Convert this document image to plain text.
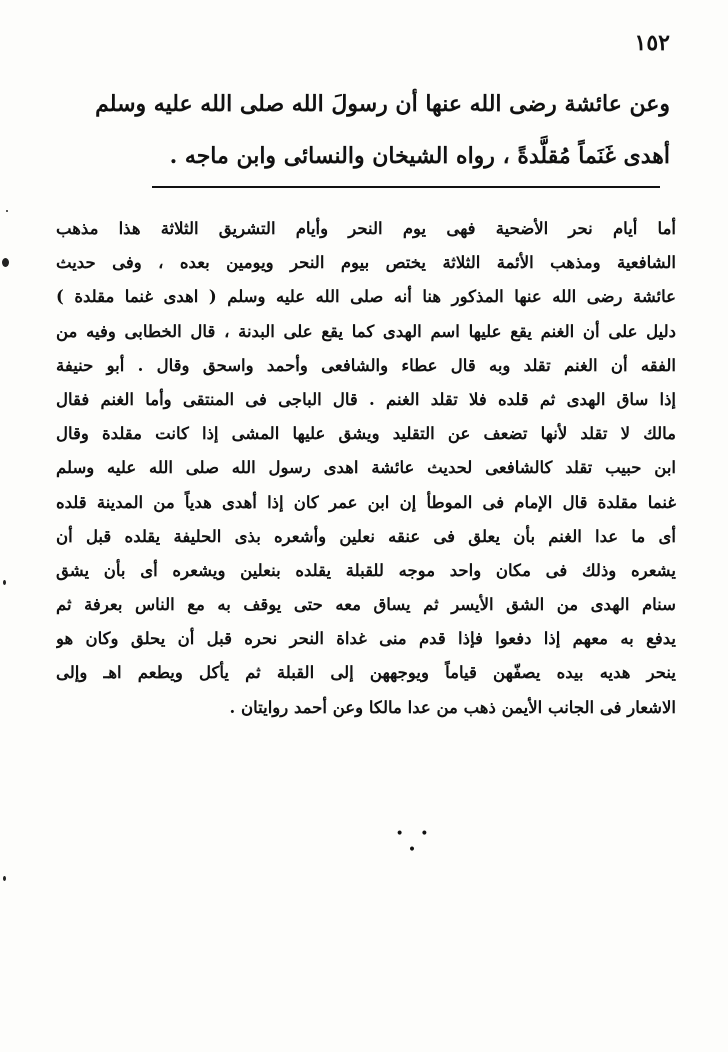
١٥٢
وعن عائشة رضى الله عنها أن رسولَ الله صلى الله عليه وسلم
أهدى غَنَماً مُقلَّدةً ، رواه الشيخان والنسائى وابن ماجه .
أما أيام نحر الأضحية فهى يوم النحر وأيام التشريق الثلاثة هذا مذهب
الشافعية ومذهب الأئمة الثلاثة يختص بيوم النحر ويومين بعده ، وفى حديث
عائشة رضى الله عنها المذكور هنا أنه صلى الله عليه وسلم ( اهدى غنما مقلدة )
دليل على أن الغنم يقع عليها اسم الهدى كما يقع على البدنة ، قال الخطابى وفيه من
الفقه أن الغنم تقلد وبه قال عطاء والشافعى وأحمد واسحق وقال . أبو حنيفة
إذا ساق الهدى ثم قلده فلا تقلد الغنم . قال الباجى فى المنتقى وأما الغنم فقال
مالك لا تقلد لأنها تضعف عن التقليد ويشق عليها المشى إذا كانت مقلدة وقال
ابن حبيب تقلد كالشافعى لحديث عائشة اهدى رسول الله صلى الله عليه وسلم
غنما مقلدة قال الإمام فى الموطأ إن ابن عمر كان إذا أهدى هدياً من المدينة قلده
أى ما عدا الغنم بأن يعلق فى عنقه نعلين وأشعره بذى الحليفة يقلده قبل أن
يشعره وذلك فى مكان واحد موجه للقبلة يقلده بنعلين ويشعره أى بأن يشق
سنام الهدى من الشق الأيسر ثم يساق معه حتى يوقف به مع الناس بعرفة ثم
يدفع به معهم إذا دفعوا فإذا قدم منى غداة النحر نحره قبل أن يحلق وكان هو
ينحر هديه بيده يصفّهن قياماً ويوجههن إلى القبلة ثم يأكل ويطعم اهـ وإلى
الاشعار فى الجانب الأيمن ذهب من عدا مالكا وعن أحمد روايتان .
• • •
